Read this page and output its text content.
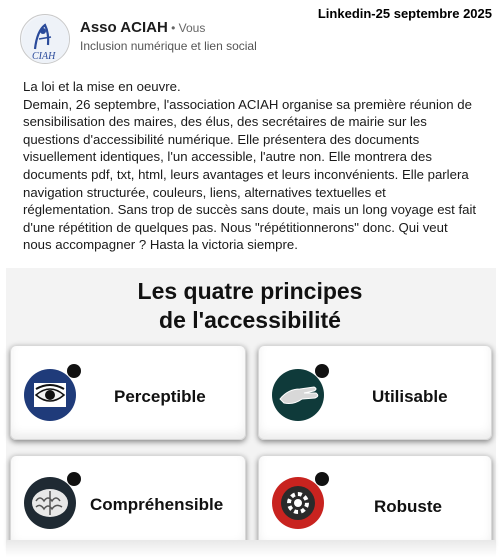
Linkedin-25 septembre 2025
CIAH
Asso ACIAH • Vous
Inclusion numérique et lien social

La loi et la mise en oeuvre.

Demain, 26 septembre, l'association ACIAH organise sa première réunion de sensibilisation des maires, des élus, des secrétaires de mairie sur les questions d'accessibilité numérique. Elle présentera des documents visuellement identiques, l'un accessible, l'autre non. Elle montrera des documents pdf, txt, html, leurs avantages et leurs inconvénients. Elle parlera navigation structurée, couleurs, liens, alternatives textuelles et réglementation. Sans trop de succès sans doute, mais un long voyage est fait d'une répétition de quelques pas. Nous "répétitionnerons" donc. Qui veut nous accompagner ? Hasta la victoria siempre.

Les quatre principes
de l'accessibilité
Perceptible	Utilisable
Compréhensible	Robuste
